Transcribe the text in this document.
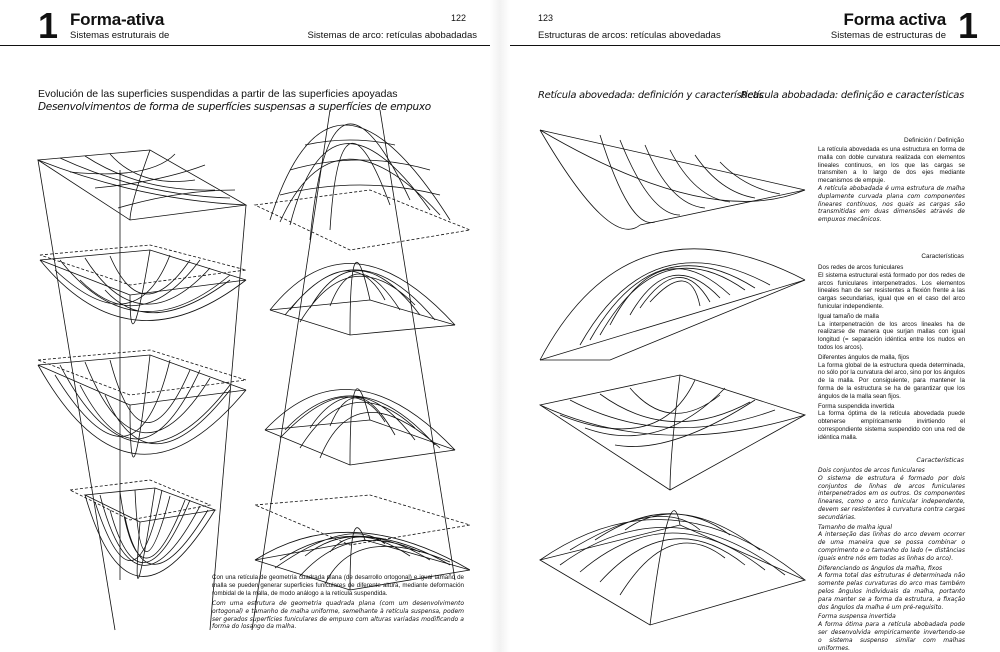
1 Forma-ativa
Sistemas estruturais de
122
Sistemas de arco: retículas abobadadas
Evolución de las superficies suspendidas a partir de las superficies apoyadas
Desenvolvimentos de forma de superfícies suspensas a superfícies de empuxo
Con una retícula de geometría cuadrada plana (de desarrollo ortogonal) e igual tamaño de malla se pueden generar superficies funiculares de diferente altura, mediante deformación rombidal de la malla, de modo análogo a la retícula suspendida.
Com uma estrutura de geometria quadrada plana (com um desenvolvimento ortogonal) e tamanho de malha uniforme, semelhante à retícula suspensa, podem ser gerados superfícies funiculares de empuxo com alturas variadas modificando a forma do losango da malha.
123
Estructuras de arcos: retículas abovedadas
Forma activa
Sistemas de estructuras de 1
Retícula abovedada: definición y características
Retícula abobadada: definição e características
Definición / Definição
La retícula abovedada es una estructura en forma de malla con doble curvatura realizada con elementos lineales continuos, en los que las cargas se transmiten a lo largo de dos ejes mediante mecanismos de empuje.
A retícula abobadada é uma estrutura de malha duplamente curvada plana com componentes lineares contínuos, nos quais as cargas são transmitidas em duas dimensões através de empuxos mecânicos.
Características
Dos redes de arcos funiculares
El sistema estructural está formado por dos redes de arcos funiculares interpenetrados. Los elementos lineales han de ser resistentes a flexión frente a las cargas secundarias, igual que en el caso del arco funicular independiente.
Igual tamaño de malla
La interpenetración de los arcos lineales ha de realizarse de manera que surjan mallas con igual longitud (= separación idéntica entre los nudos en todos los arcos).
Diferentes ángulos de malla, fijos
La forma global de la estructura queda determinada, no sólo por la curvatura del arco, sino por los ángulos de la malla. Por consiguiente, para mantener la forma de la estructura se ha de garantizar que los ángulos de la malla sean fijos.
Forma suspendida invertida
La forma óptima de la retícula abovedada puede obtenerse empíricamente invirtiendo el correspondiente sistema suspendido con una red de idéntica malla.
Características
Dois conjuntos de arcos funiculares
O sistema de estrutura é formado por dois conjuntos de linhas de arcos funiculares interpenetrados em os outros. Os componentes lineares, como o arco funicular independente, devem ser resistentes à curvatura contra cargas secundárias.
Tamanho de malha igual
A interseção das linhas do arco devem ocorrer de uma maneira que se possa combinar o comprimento e o tamanho do lado (= distâncias iguais entre nós em todas as linhas do arco).
Diferenciando os ângulos da malha, fixos
A forma total das estruturas é determinada não somente pelas curvaturas do arco mas também pelos ângulos individuais da malha, portanto para manter se a forma da estrutura, a fixação dos ângulos da malha é um pré-requisito.
Forma suspensa invertida
A forma ótima para a retícula abobadada pode ser desenvolvida empiricamente invertendo-se o sistema suspenso similar com malhas uniformes.
